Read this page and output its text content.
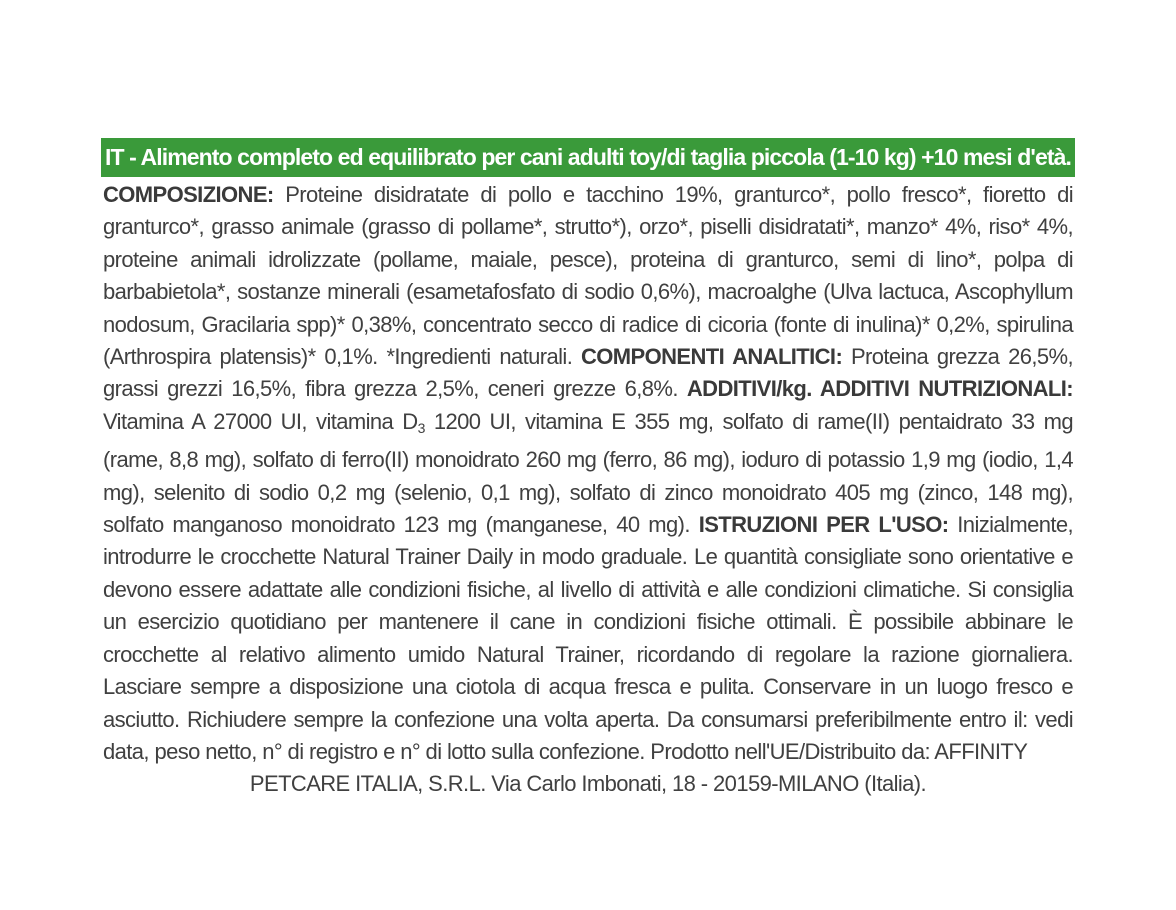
IT - Alimento completo ed equilibrato per cani adulti toy/di taglia piccola (1-10 kg) +10 mesi d'età.
COMPOSIZIONE: Proteine disidratate di pollo e tacchino 19%, granturco*, pollo fresco*, fioretto di granturco*, grasso animale (grasso di pollame*, strutto*), orzo*, piselli disidratati*, manzo* 4%, riso* 4%, proteine animali idrolizzate (pollame, maiale, pesce), proteina di granturco, semi di lino*, polpa di barbabietola*, sostanze minerali (esametafosfato di sodio 0,6%), macroalghe (Ulva lactuca, Ascophyllum nodosum, Gracilaria spp)* 0,38%, concentrato secco di radice di cicoria (fonte di inulina)* 0,2%, spirulina (Arthrospira platensis)* 0,1%. *Ingredienti naturali. COMPONENTI ANALITICI: Proteina grezza 26,5%, grassi grezzi 16,5%, fibra grezza 2,5%, ceneri grezze 6,8%. ADDITIVI/kg. ADDITIVI NUTRIZIONALI: Vitamina A 27000 UI, vitamina $D_3$ 1200 UI, vitamina E 355 mg, solfato di rame(II) pentaidrato 33 mg (rame, 8,8 mg), solfato di ferro(II) monoidrato 260 mg (ferro, 86 mg), ioduro di potassio 1,9 mg (iodio, 1,4 mg), selenito di sodio 0,2 mg (selenio, 0,1 mg), solfato di zinco monoidrato 405 mg (zinco, 148 mg), solfato manganoso monoidrato 123 mg (manganese, 40 mg). ISTRUZIONI PER L'USO: Inizialmente, introdurre le crocchette Natural Trainer Daily in modo graduale. Le quantità consigliate sono orientative e devono essere adattate alle condizioni fisiche, al livello di attività e alle condizioni climatiche. Si consiglia un esercizio quotidiano per mantenere il cane in condizioni fisiche ottimali. È possibile abbinare le crocchette al relativo alimento umido Natural Trainer, ricordando di regolare la razione giornaliera. Lasciare sempre a disposizione una ciotola di acqua fresca e pulita. Conservare in un luogo fresco e asciutto. Richiudere sempre la confezione una volta aperta. Da consumarsi preferibilmente entro il: vedi data, peso netto, n° di registro e n° di lotto sulla confezione. Prodotto nell'UE/Distribuito da: AFFINITY
PETCARE ITALIA, S.R.L. Via Carlo Imbonati, 18 - 20159-MILANO (Italia).
